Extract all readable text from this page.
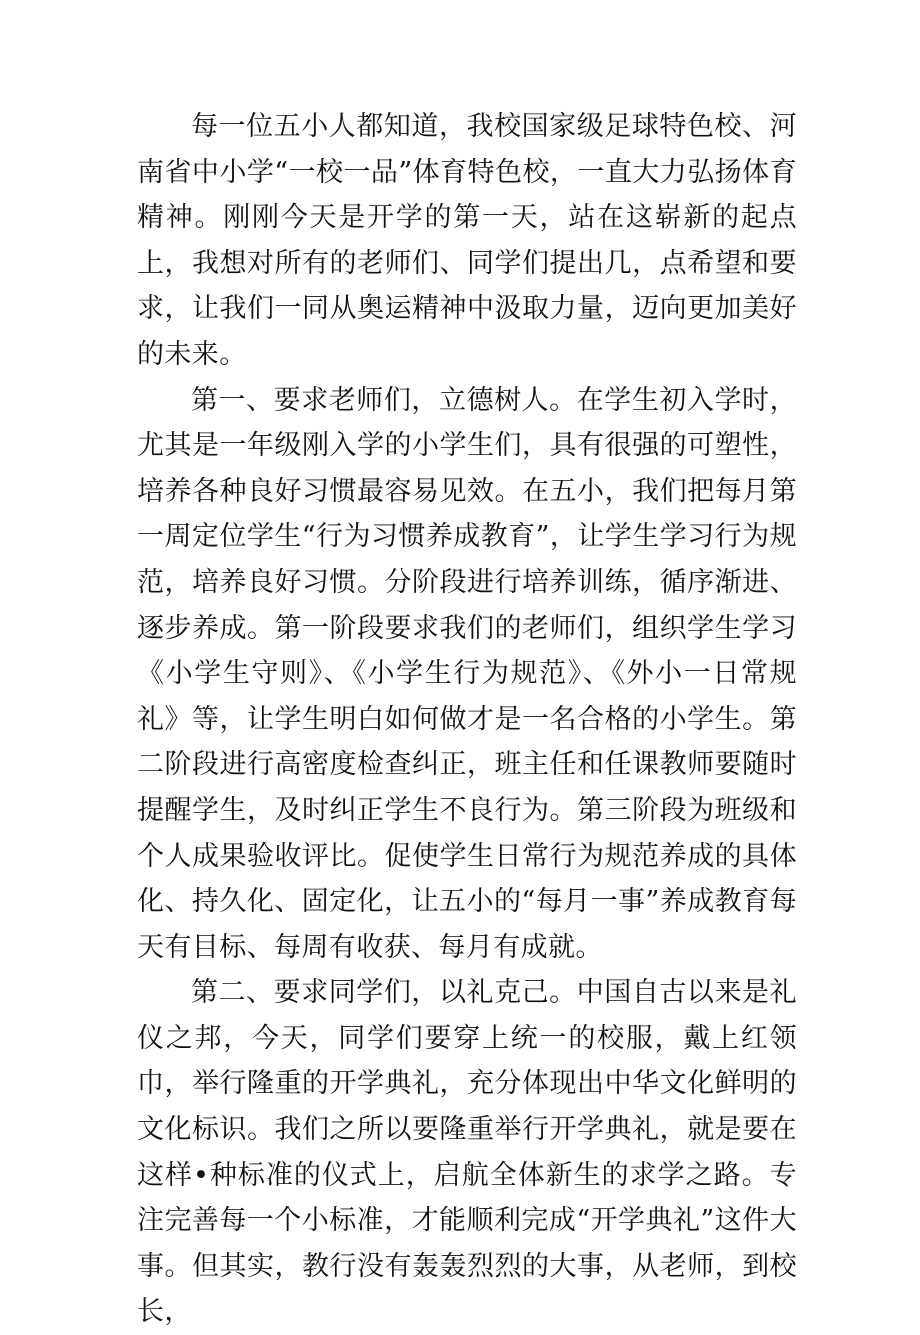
每一位五小人都知道，我校国家级足球特色校、河南省中小学“一校一品”体育特色校，一直大力弘扬体育精神。刚刚今天是开学的第一天，站在这崭新的起点上，我想对所有的老师们、同学们提出几，点希望和要求，让我们一同从奥运精神中汲取力量，迈向更加美好的未来。

第一、要求老师们，立德树人。在学生初入学时，尤其是一年级刚入学的小学生们，具有很强的可塑性，培养各种良好习惯最容易见效。在五小，我们把每月第一周定位学生“行为习惯养成教育”，让学生学习行为规范，培养良好习惯。分阶段进行培养训练，循序渐进、逐步养成。第一阶段要求我们的老师们，组织学生学习《小学生守则》、《小学生行为规范》、《外小一日常规礼》等，让学生明白如何做才是一名合格的小学生。第二阶段进行高密度检查纠正，班主任和任课教师要随时提醒学生，及时纠正学生不良行为。第三阶段为班级和个人成果验收评比。促使学生日常行为规范养成的具体化、持久化、固定化，让五小的“每月一事”养成教育每天有目标、每周有收获、每月有成就。

第二、要求同学们，以礼克己。中国自古以来是礼仪之邦，今天，同学们要穿上统一的校服，戴上红领巾，举行隆重的开学典礼，充分体现出中华文化鲜明的文化标识。我们之所以要隆重举行开学典礼，就是要在这样•种标准的仪式上，启航全体新生的求学之路。专注完善每一个小标准，才能顺利完成“开学典礼”这件大事。但其实，教行没有轰轰烈烈的大事，从老师，到校长，
